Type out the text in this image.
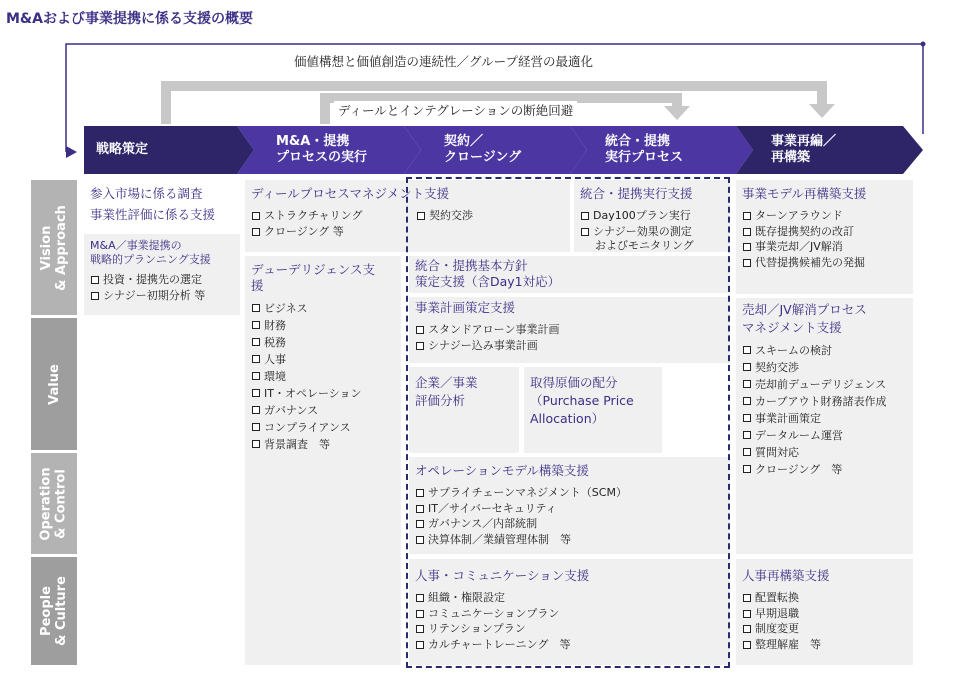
M&Aおよび事業提携に係る支援の概要
価値構想と価値創造の連続性／グループ経営の最適化
ディールとインテグレーションの断絶回避
戦略策定
M&A・提携
プロセスの実行
契約／
クロージング
統合・提携
実行プロセス
事業再編／
再構築
Vision & Approach
Value
Operation & Control
People & Culture
参入市場に係る調査
事業性評価に係る支援
M&A／事業提携の
戦略的プランニング支援
投資・提携先の選定
シナジー初期分析 等
ディールプロセスマネジメント支援
ストラクチャリング
クロージング 等
契約交渉
統合・提携実行支援
Day100プラン実行
シナジー効果の測定
およびモニタリング
事業モデル再構築支援
ターンアラウンド
既存提携契約の改訂
事業売却／JV解消
代替提携候補先の発掘
デューデリジェンス支
援
ビジネス
財務
税務
人事
環境
IT・オペレーション
ガバナンス
コンプライアンス
背景調査　等
統合・提携基本方針
策定支援（含Day1対応）
事業計画策定支援
スタンドアローン事業計画
シナジー込み事業計画
企業／事業
評価分析
取得原価の配分
（Purchase Price
Allocation）
売却／JV解消プロセス
マネジメント支援
スキームの検討
契約交渉
売却前デューデリジェンス
カーブアウト財務諸表作成
事業計画策定
データルーム運営
質問対応
クロージング　等
オペレーションモデル構築支援
サプライチェーンマネジメント（SCM）
IT／サイバーセキュリティ
ガバナンス／内部統制
決算体制／業績管理体制　等
人事・コミュニケーション支援
組織・権限設定
コミュニケーションプラン
リテンションプラン
カルチャートレーニング　等
人事再構築支援
配置転換
早期退職
制度変更
整理解雇　等
